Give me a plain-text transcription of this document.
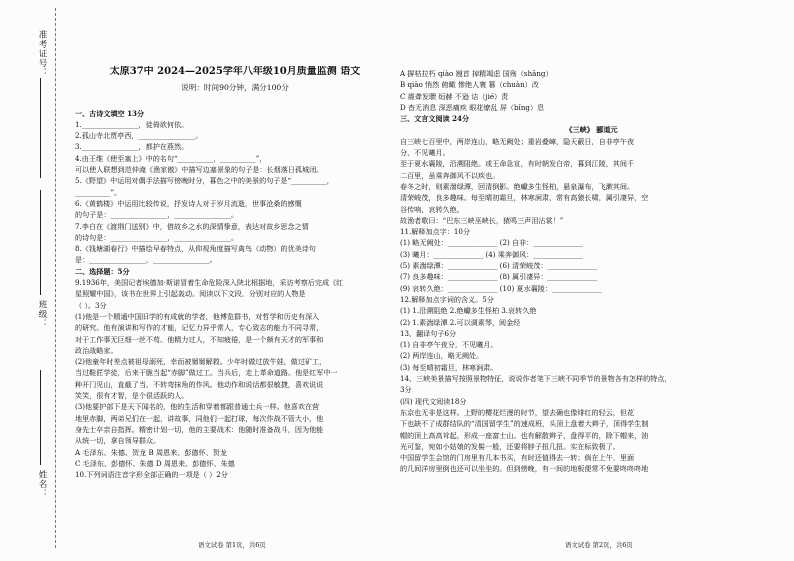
准考证号：
班级：
姓名：

太原37中 2024—2025学年八年级10月质量监测 语文

说明：时间90分钟，满分100分

一、古诗文填空 13分

1.________________，徒倚欲何依。

2.孤山寺北贾亭西，________________。

3.________________，都护在燕然。

4.由王维《使至塞上》中的名句“__________，__________”，

可以使人联想到范仲淹《渔家傲》中描写边塞景象的句子是：长烟落日孤城闭。

5.《野望》中运用对偶手法描写傍晚时分，暮色之中的美景的句子是“__________，

__________”。

6.《黄鹤楼》中运用比较传说，抒发诗人对于岁月流逝，世事沧桑的感慨

的句子是：________________，________________。

7.李白在《渡荆门送别》中，借故乡之水的深情挚意，表达对故乡思念之情

的诗句是：________________，________________。

8.《钱塘湖春行》中描绘早春特点，从仰视角度描写禽鸟（动物）的优美诗句

是：________________，________________。

二、选择题：5分

9.1936年，美国记者埃德加·斯诺冒着生命危险深入陕北根据地，采访考察后完成《红

星照耀中国》，该书在世界上引起轰动。阅读以下文段，分别对应的人物是

（ ）。3分

(1)他是一个精通中国旧学的有成就的学者，他博览群书，对哲学和历史有深入

的研究。他有演讲和写作的才能，记忆力异乎常人，专心致志的能力不同寻常，

对于工作事无巨细一丝不苟。他精力过人，不知疲倦，是一个颇有天才的军事和

政治战略家。

(2)他童年时差点被祖母溺死，幸而被舅舅解救。少年时做过放牛娃，做过矿工，

当过鞋匠学徒，后来干脆当起“赤脚”做过工。当兵后，走上革命道路。他是红军中一

种开门见山，直截了当、不转弯抹角的作风。他动作和说话都很敏捷，喜欢说说

笑笑，很有才智，是个很活跃的人。

(3)他要护部下是天下闻名的，他的生活和穿着都跟普通士兵一样。他喜欢在营

地里赤脚，两弟兄们在一起，讲故事，同他们一起打球，每次作战不管大小，他

身先士卒亲自指挥。精密计划一切，他的主要战术：他随时准备战斗，因为他能

从统一切，拿自领导群众。

A 毛泽东、朱德、贺龙 B 周恩来、彭德怀、贺龙

C 毛泽东、彭德怀、朱德 D 周恩来、彭德怀、朱德

10.下列词语注音字形全部正确的一项是（ ）2分

A 摒枯拉朽 qiào 翘首 掉精竭虑 国殇（shāng）

B qiāo 悄然 俯瞰 惨绝人寰 篡（chuàn）改

C 震聋发聩 烜赫 不逊 诘（jié）责

D 杳无消息 深恶痛疾 眼花缭乱 屏（bǐng）息

三、文言文阅读 24分

《三峡》 郦道元

自三峡七百里中，两岸连山，略无阙处；重岩叠嶂，隐天蔽日，自非亭午夜

分，不见曦月。

至于夏水襄陵，沿溯阻绝。或王命急宣，有时朝发白帝，暮到江陵，其间千

二百里，虽乘奔御风不以疾也。

春冬之时，则素湍绿潭，回清倒影。绝巘多生怪柏，悬泉瀑布，飞漱其间。

清荣峻茂，良多趣味。每至晴初霜旦，林寒涧肃，常有高猿长啸，属引凄异，空

谷传响，哀转久绝。

故渔者歌曰：“巴东三峡巫峡长，猿鸣三声泪沾裳！”

11.解释加点字：10分

(1) 略无阙处：______________ (2) 自非：______________

(3) 曦月：______________ (4) 乘奔御风：______________

(5) 素湍绿潭：______________ (6) 清荣峻茂：______________

(7) 良多趣味：______________ (8) 属引凄异：______________

(9) 哀转久绝：______________ (10) 夏水襄陵：______________

12.解释加点字词的含义。5分

(1) 1.沿溯阻绝 2.绝巘多生怪柏 3.哀转久绝

(2) 1.素湍绿潭 2.可以调素琴，阅金经

13、翻译句子6分

(1) 自非亭午夜分，不见曦月。

(2) 两岸连山，略无阙处。

(3) 每至晴初霜旦，林寒涧肃。

14、三峡美景描写按照景物特征，说说作者笔下三峡不同季节的景物各有怎样的特点，

3分

(四) 现代文阅读18分

东京也无非是这样。上野的樱花烂漫的时节，望去确也像绯红的轻云，但花

下也缺不了成群结队的“清国留学生”的速成班，头顶上盘着大辫子，顶得学生制

帽的顶上高高耸起，形成一座富士山。也有解散辫子，盘得平的，除下帽来，油

光可鉴，宛如小姑娘的发髻一般，还要将脖子扭几扭。实在标致极了。

中国留学生会馆的门房里有几本书买，有时还值得去一转；倘在上午，里面

的几间洋房里倒也还可以坐坐的。但到傍晚，有一间的地板便常不免要咚咚咚地

语文试卷 第1页，共6页	语文试卷 第2页，共6页
